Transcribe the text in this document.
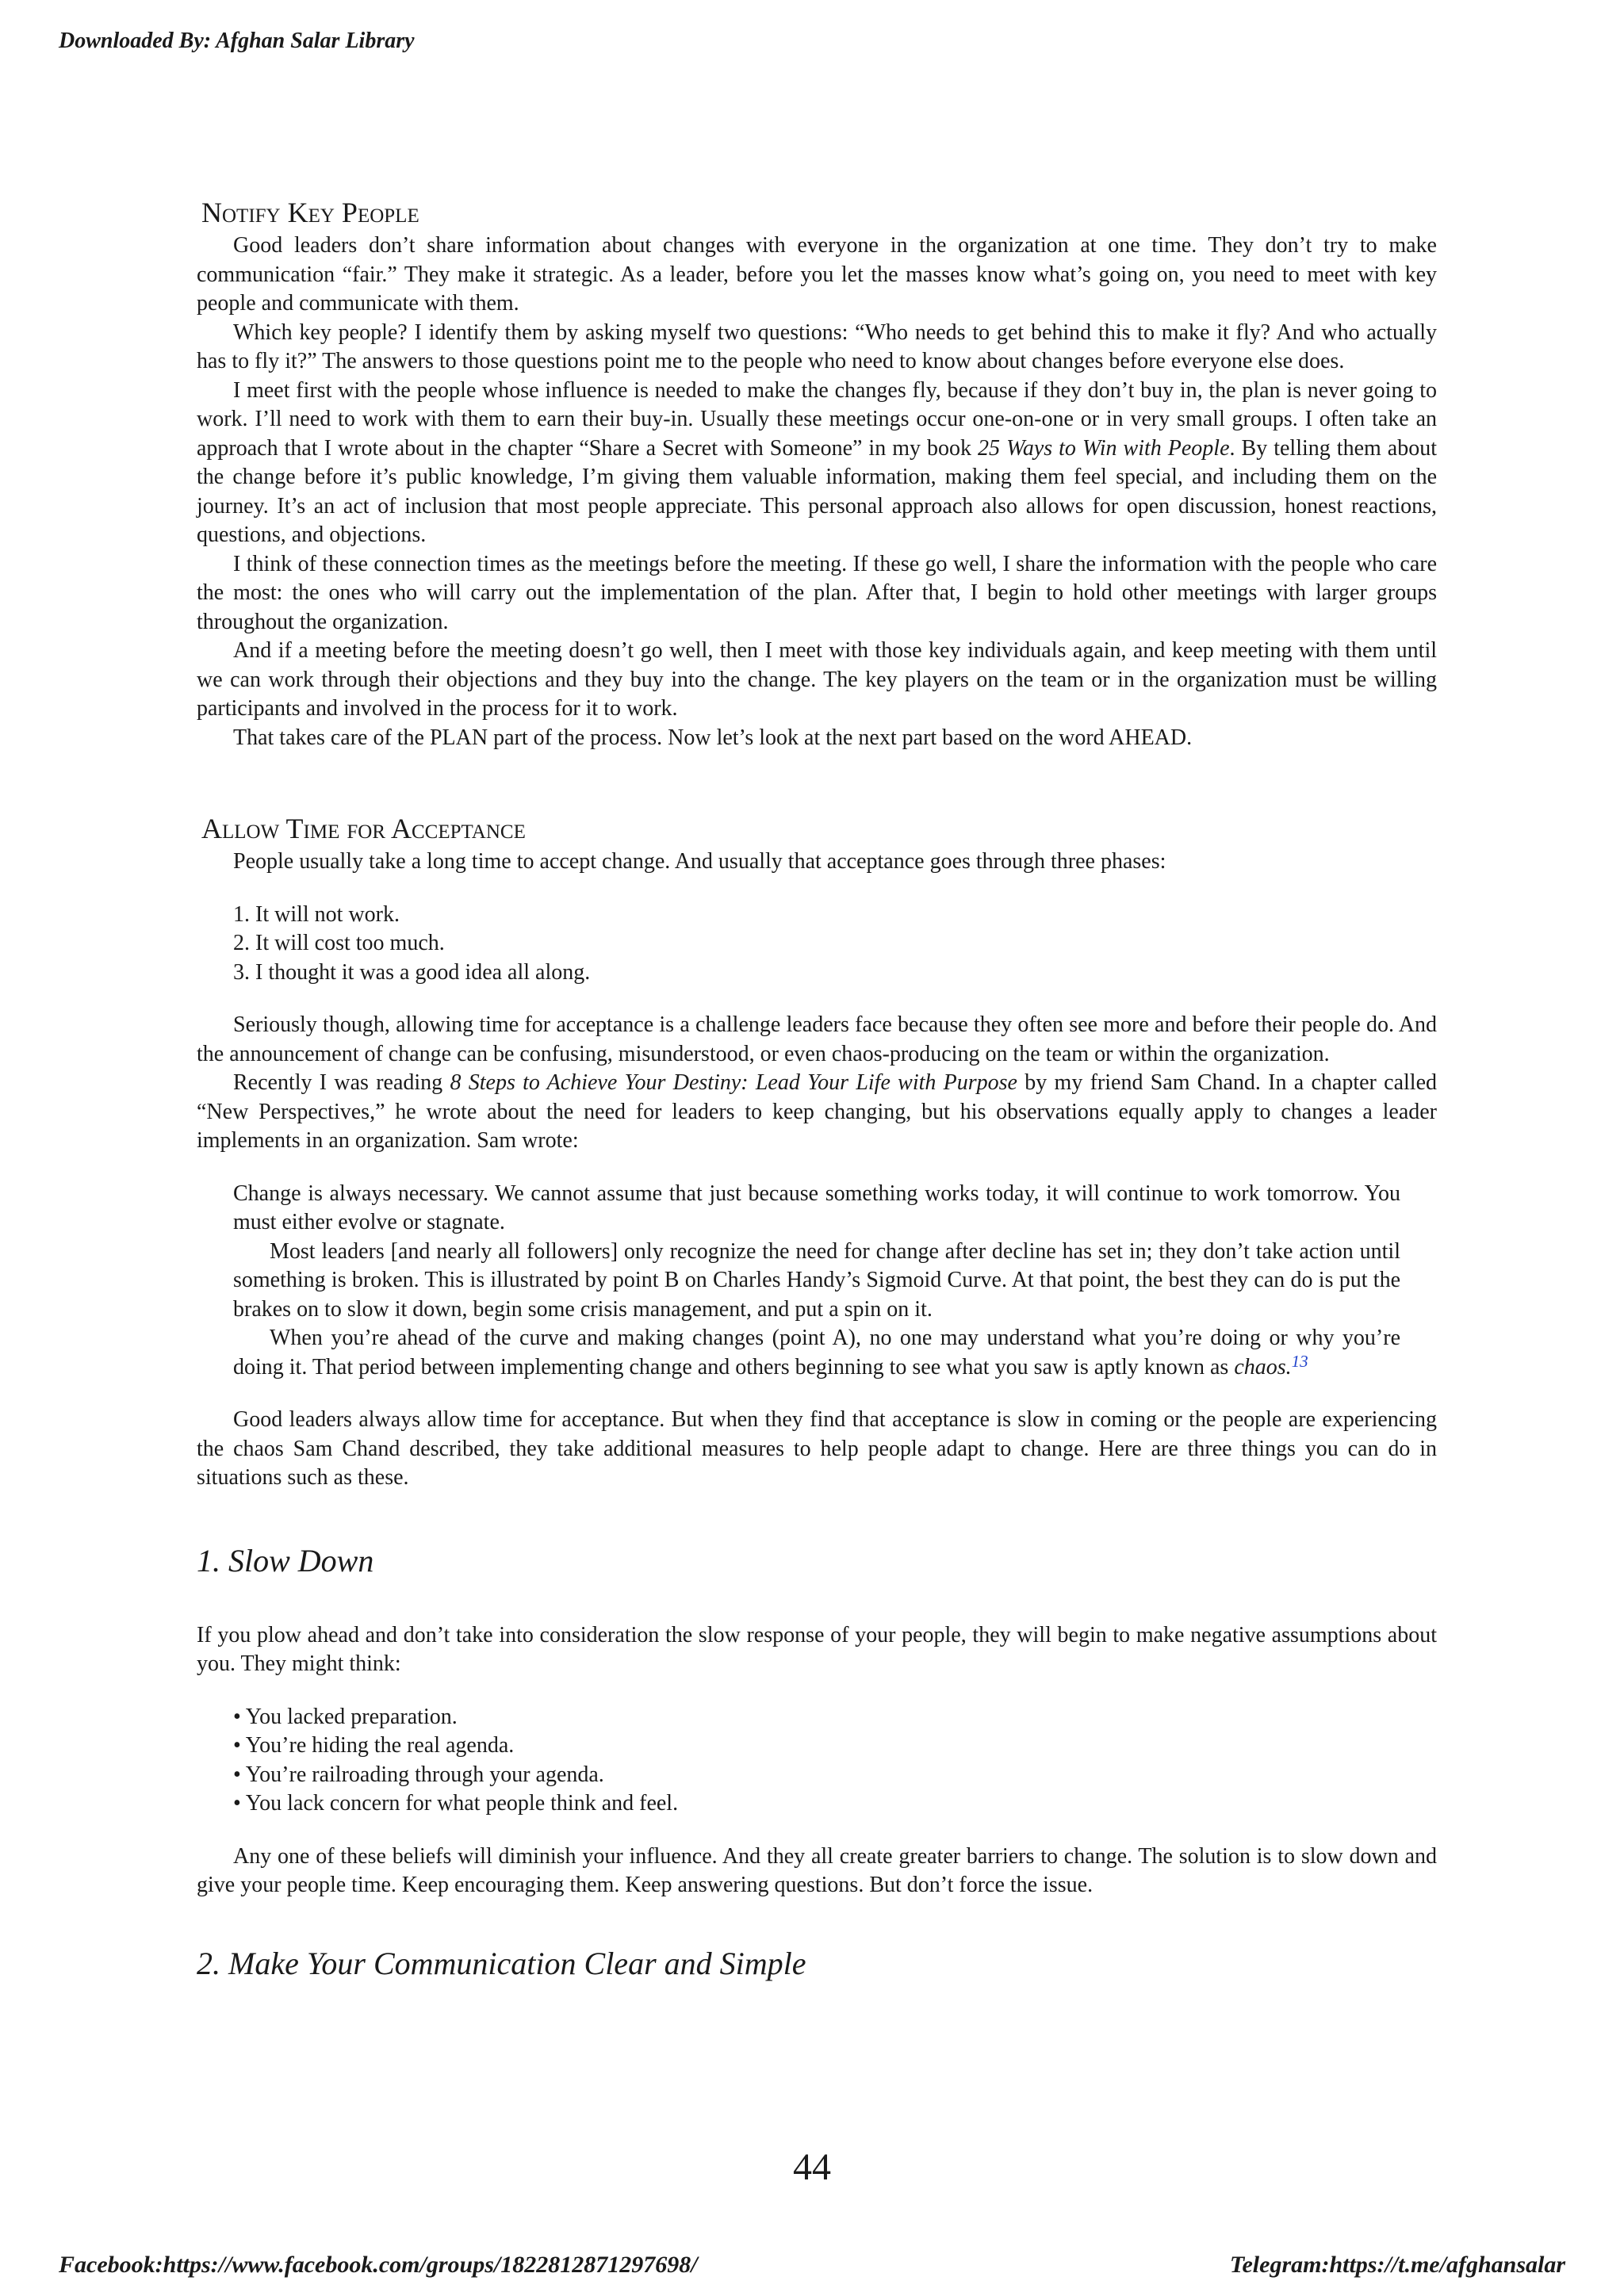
Downloaded By: Afghan Salar Library
Notify Key People

Good leaders don’t share information about changes with everyone in the organization at one time. They don’t try to make communication “fair.” They make it strategic. As a leader, before you let the masses know what’s going on, you need to meet with key people and communicate with them.

Which key people? I identify them by asking myself two questions: “Who needs to get behind this to make it fly? And who actually has to fly it?” The answers to those questions point me to the people who need to know about changes before everyone else does.

I meet first with the people whose influence is needed to make the changes fly, because if they don’t buy in, the plan is never going to work. I’ll need to work with them to earn their buy-in. Usually these meetings occur one-on-one or in very small groups. I often take an approach that I wrote about in the chapter “Share a Secret with Someone” in my book 25 Ways to Win with People. By telling them about the change before it’s public knowledge, I’m giving them valuable information, making them feel special, and including them on the journey. It’s an act of inclusion that most people appreciate. This personal approach also allows for open discussion, honest reactions, questions, and objections.

I think of these connection times as the meetings before the meeting. If these go well, I share the information with the people who care the most: the ones who will carry out the implementation of the plan. After that, I begin to hold other meetings with larger groups throughout the organization.

And if a meeting before the meeting doesn’t go well, then I meet with those key individuals again, and keep meeting with them until we can work through their objections and they buy into the change. The key players on the team or in the organization must be willing participants and involved in the process for it to work.

That takes care of the PLAN part of the process. Now let’s look at the next part based on the word AHEAD.

Allow Time for Acceptance

People usually take a long time to accept change. And usually that acceptance goes through three phases:

1. It will not work.
2. It will cost too much.
3. I thought it was a good idea all along.

Seriously though, allowing time for acceptance is a challenge leaders face because they often see more and before their people do. And the announcement of change can be confusing, misunderstood, or even chaos-producing on the team or within the organization.

Recently I was reading 8 Steps to Achieve Your Destiny: Lead Your Life with Purpose by my friend Sam Chand. In a chapter called “New Perspectives,” he wrote about the need for leaders to keep changing, but his observations equally apply to changes a leader implements in an organization. Sam wrote:

Change is always necessary. We cannot assume that just because something works today, it will continue to work tomorrow. You must either evolve or stagnate.

Most leaders [and nearly all followers] only recognize the need for change after decline has set in; they don’t take action until something is broken. This is illustrated by point B on Charles Handy’s Sigmoid Curve. At that point, the best they can do is put the brakes on to slow it down, begin some crisis management, and put a spin on it.

When you’re ahead of the curve and making changes (point A), no one may understand what you’re doing or why you’re doing it. That period between implementing change and others beginning to see what you saw is aptly known as chaos.$^{13}$

Good leaders always allow time for acceptance. But when they find that acceptance is slow in coming or the people are experiencing the chaos Sam Chand described, they take additional measures to help people adapt to change. Here are three things you can do in situations such as these.

1. Slow Down

If you plow ahead and don’t take into consideration the slow response of your people, they will begin to make negative assumptions about you. They might think:

• You lacked preparation.
• You’re hiding the real agenda.
• You’re railroading through your agenda.
• You lack concern for what people think and feel.

Any one of these beliefs will diminish your influence. And they all create greater barriers to change. The solution is to slow down and give your people time. Keep encouraging them. Keep answering questions. But don’t force the issue.

2. Make Your Communication Clear and Simple
44
Facebook:https://www.facebook.com/groups/1822812871297698/	Telegram:https://t.me/afghansalar
